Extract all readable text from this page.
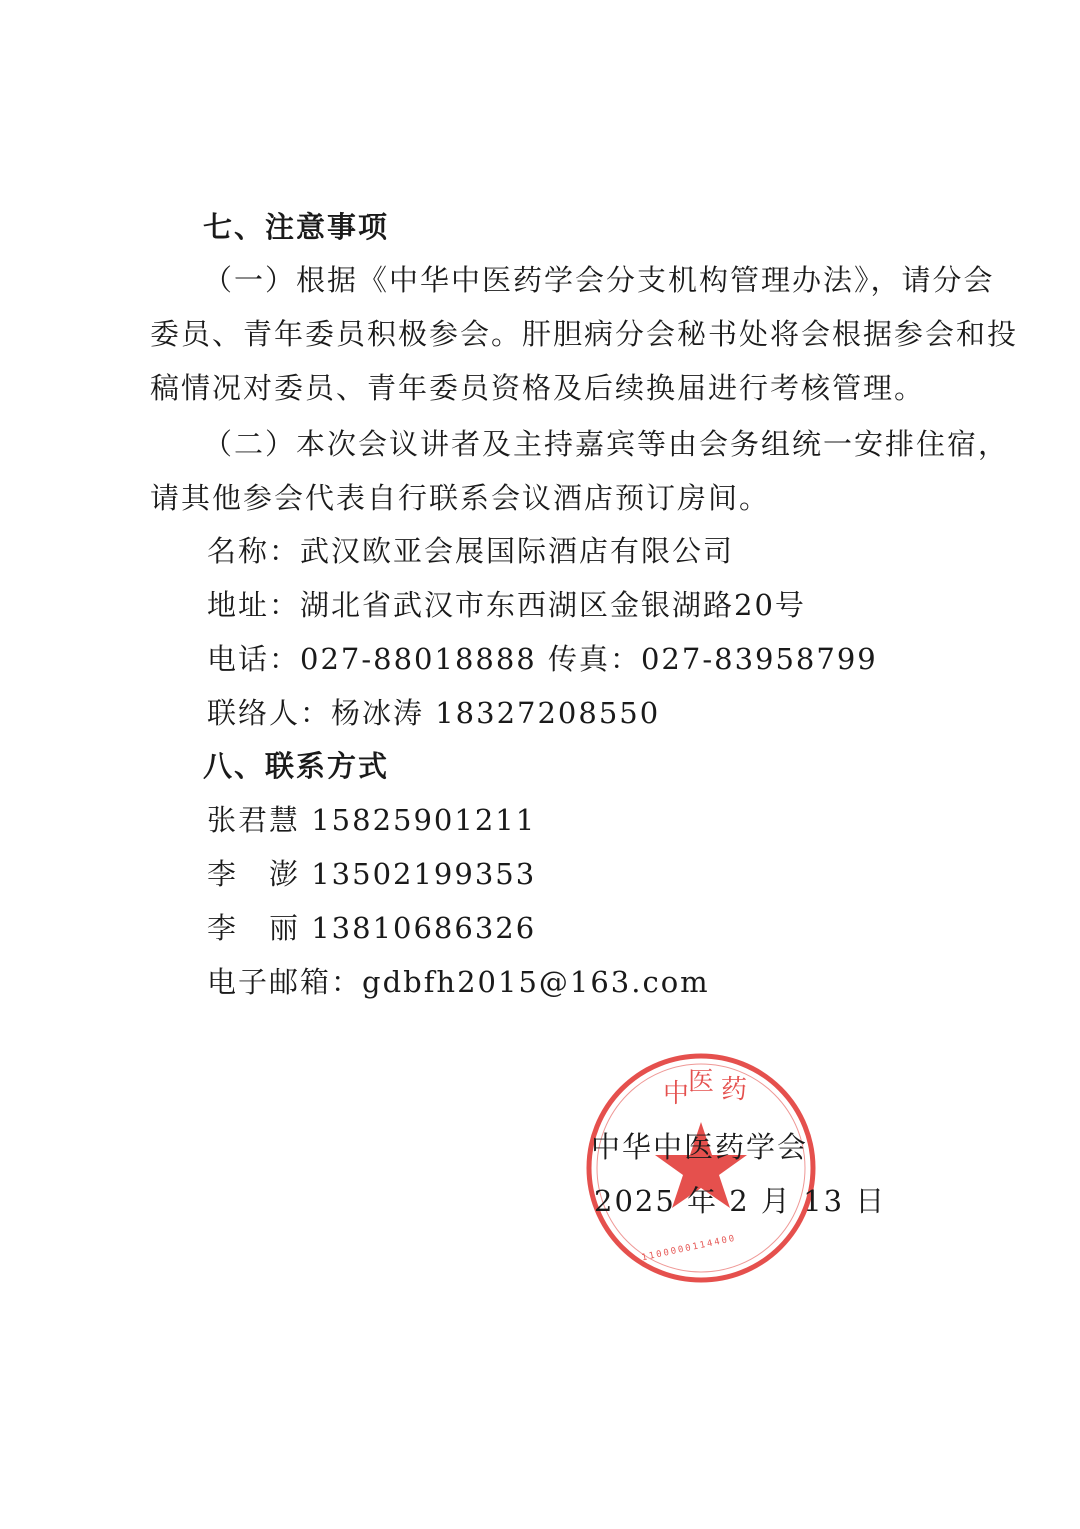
七、注意事项
（一）根据《中华中医药学会分支机构管理办法》，请分会
委员、青年委员积极参会。肝胆病分会秘书处将会根据参会和投
稿情况对委员、青年委员资格及后续换届进行考核管理。
（二）本次会议讲者及主持嘉宾等由会务组统一安排住宿，
请其他参会代表自行联系会议酒店预订房间。
名称：武汉欧亚会展国际酒店有限公司
地址：湖北省武汉市东西湖区金银湖路20号
电话：027-88018888 传真：027-83958799
联络人：杨冰涛 18327208550
八、联系方式
张君慧 15825901211
李　澎 13502199353
李　丽 13810686326
电子邮箱：gdbfh2015@163.com
中
医 药
1100000114400
中华中医药学会
2025 年 2 月 13 日
